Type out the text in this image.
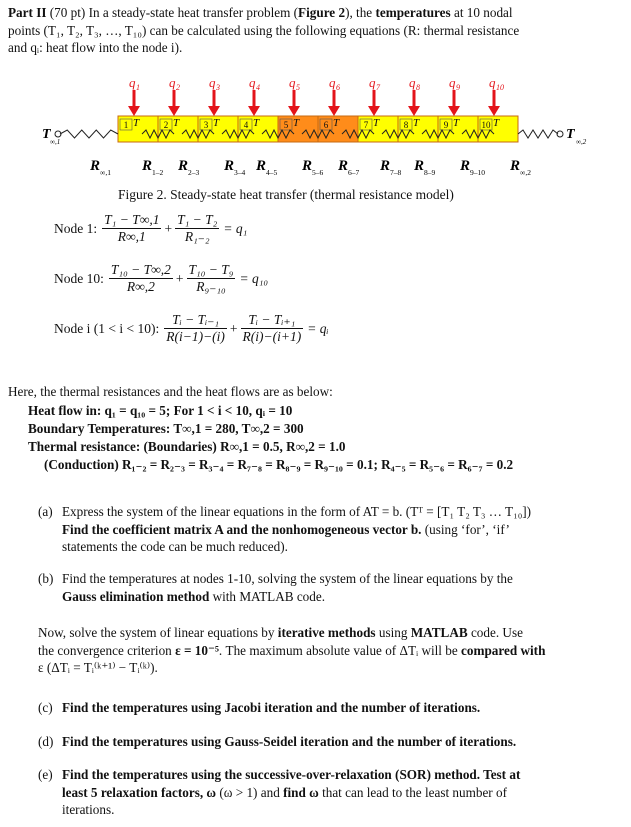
Part II (70 pt) In a steady-state heat transfer problem (Figure 2), the temperatures at 10 nodal
points (T₁, T₂, T₃, …, T₁₀) can be calculated using the following equations (R: thermal resistance
and qᵢ: heat flow into the node i).
1 T
q 1
2 T
q 2
3 T
q 3
4 T
q 4
5 T
q 5
6 T
q 6
7 T
q 7
8 T
q 8
9 T
q 9
10 T
q 10
T ∞,1	T ∞,2
R ∞,1 R 1–2 R 2–3 R 3–4 R 4–5 R 5–6 R 6–7 R 7–8 R 8–9 R 9–10 R ∞,2
Figure 2. Steady-state heat transfer (thermal resistance model)
Node 1: $\frac{\text{T₁ − T∞,1}}{R\infty,1} + \frac{\text{T₁ − T₂}}{\text{R₁₋₂}} = q_1$
Node 10: $\frac{\text{T₁₀ − T∞,2}}{R\infty,2} + \frac{\text{T₁₀ − T₉}}{\text{R₉₋₁₀}} = q_{10}$
Node i (1 < i < 10): $\frac{\text{Tᵢ − Tᵢ₋₁}}{R(i-1)-(i)} + \frac{\text{Tᵢ − Tᵢ₊₁}}{R(i)-(i+1)}$ = qᵢ
Here, the thermal resistances and the heat flows are as below:
Heat flow in: q₁ = q₁₀ = 5; For 1 < i < 10, qᵢ = 10
Boundary Temperatures: T∞,1 = 280, T∞,2 = 300
Thermal resistance: (Boundaries) R∞,1 = 0.5, R∞,2 = 1.0
(Conduction) R₁₋₂ = R₂₋₃ = R₃₋₄ = R₇₋₈ = R₈₋₉ = R₉₋₁₀ = 0.1; R₄₋₅ = R₅₋₆ = R₆₋₇ = 0.2
(a) Express the system of the linear equations in the form of AT = b. (Tᵀ = [T₁ T₂ T₃ … T₁₀])
Find the coefficient matrix A and the nonhomogeneous vector b. (using ‘for’, ‘if’
statements the code can be much reduced).
(b) Find the temperatures at nodes 1-10, solving the system of the linear equations by the
Gauss elimination method with MATLAB code.
Now, solve the system of linear equations by iterative methods using MATLAB code. Use
the convergence criterion ε = 10⁻⁵. The maximum absolute value of ΔTᵢ will be compared with
ε (ΔTᵢ = Tᵢ⁽ᵏ⁺¹⁾ − Tᵢ⁽ᵏ⁾).
(c) Find the temperatures using Jacobi iteration and the number of iterations.
(d) Find the temperatures using Gauss-Seidel iteration and the number of iterations.
(e) Find the temperatures using the successive-over-relaxation (SOR) method. Test at
least 5 relaxation factors, ω (ω > 1) and find ω that can lead to the least number of
iterations.
